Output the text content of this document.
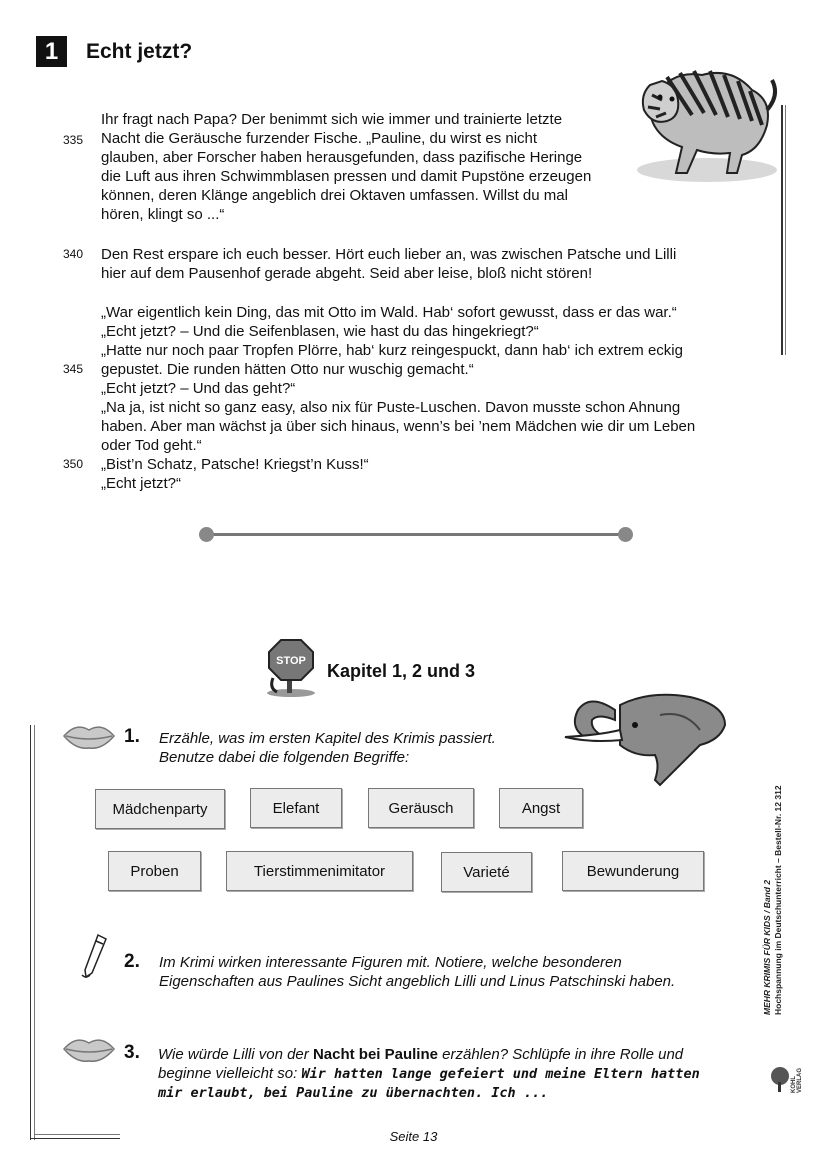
1	Echt jetzt?
Ihr fragt nach Papa? Der benimmt sich wie immer und trainierte letzte
Nacht die Geräusche furzender Fische. „Pauline, du wirst es nicht
glauben, aber Forscher haben herausgefunden, dass pazifische Heringe
die Luft aus ihren Schwimmblasen pressen und damit Pupstöne erzeugen
können, deren Klänge angeblich drei Oktaven umfassen. Willst du mal
hören, klingt so ...“
Den Rest erspare ich euch besser. Hört euch lieber an, was zwischen Patsche und Lilli
hier auf dem Pausenhof gerade abgeht. Seid aber leise, bloß nicht stören!
„War eigentlich kein Ding, das mit Otto im Wald. Hab‘ sofort gewusst, dass er das war.“
„Echt jetzt? – Und die Seifenblasen, wie hast du das hingekriegt?“
„Hatte nur noch paar Tropfen Plörre, hab‘ kurz reingespuckt, dann hab‘ ich extrem eckig
gepustet. Die runden hätten Otto nur wuschig gemacht.“
„Echt jetzt? – Und das geht?“
„Na ja, ist nicht so ganz easy, also nix für Puste-Luschen. Davon musste schon Ahnung
haben. Aber man wächst ja über sich hinaus, wenn’s bei ’nem Mädchen wie dir um Leben
oder Tod geht.“
„Bist’n Schatz, Patsche! Kriegst’n Kuss!“
„Echt jetzt?“
335
340
345
350
STOP Kapitel 1, 2 und 3
1. Erzähle, was im ersten Kapitel des Krimis passiert.
Benutze dabei die folgenden Begriffe:
Mädchenparty	Elefant	Geräusch	Angst
Proben	Tierstimmenimitator	Varieté	Bewunderung
2. Im Krimi wirken interessante Figuren mit. Notiere, welche besonderen
Eigenschaften aus Paulines Sicht angeblich Lilli und Linus Patschinski haben.
3. Wie würde Lilli von der Nacht bei Pauline erzählen? Schlüpfe in ihre Rolle und
beginne vielleicht so: Wir hatten lange gefeiert und meine Eltern hatten
mir erlaubt, bei Pauline zu übernachten. Ich ...
MEHR KRIMIS FÜR KIDS / Band 2 Hochspannung im Deutschunterricht – Bestell-Nr. 12 312
KOHL VERLAG
Seite 13
